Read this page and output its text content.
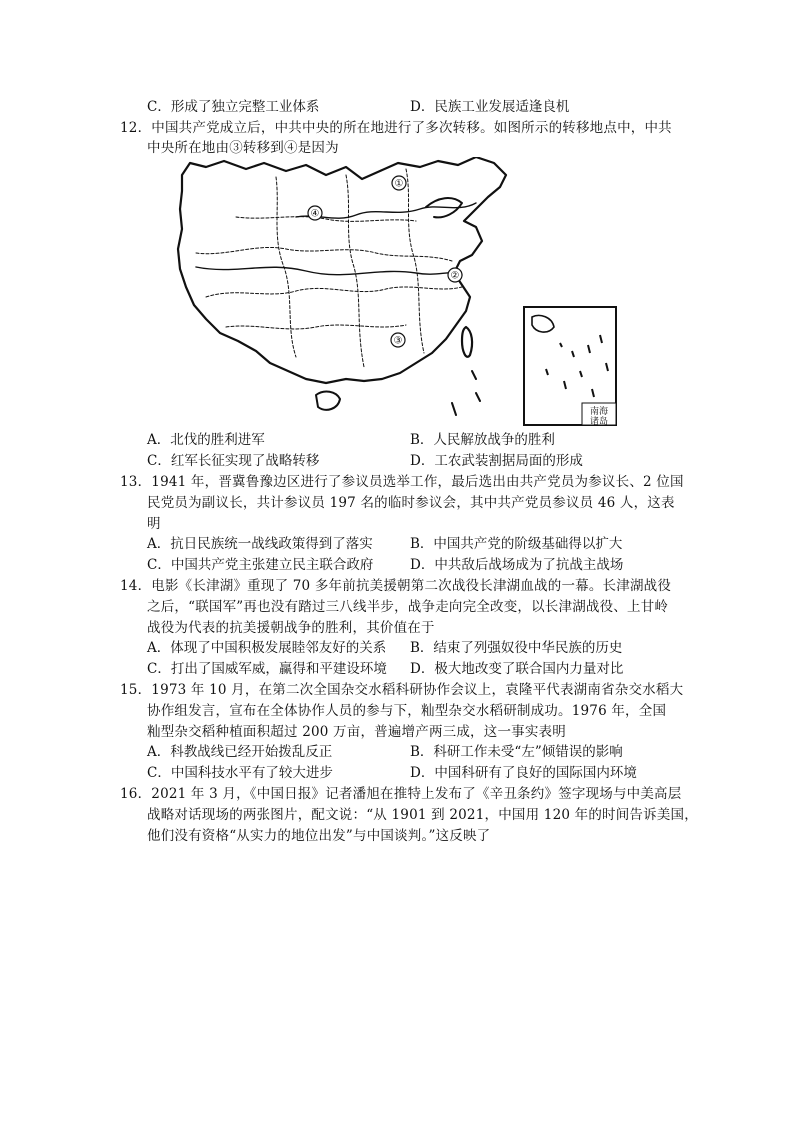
C．形成了独立完整工业体系	D．民族工业发展适逢良机
12．中国共产党成立后，中共中央的所在地进行了多次转移。如图所示的转移地点中，中共
中央所在地由③转移到④是因为
①
②
③
④
南海
诸岛
A．北伐的胜利进军	B．人民解放战争的胜利
C．红军长征实现了战略转移	D．工农武装割据局面的形成
13．1941 年，晋冀鲁豫边区进行了参议员选举工作，最后选出由共产党员为参议长、2 位国
民党员为副议长，共计参议员 197 名的临时参议会，其中共产党员参议员 46 人，这表
明
A．抗日民族统一战线政策得到了落实	B．中国共产党的阶级基础得以扩大
C．中国共产党主张建立民主联合政府	D．中共敌后战场成为了抗战主战场
14．电影《长津湖》重现了 70 多年前抗美援朝第二次战役长津湖血战的一幕。长津湖战役
之后，“联国军”再也没有踏过三八线半步，战争走向完全改变，以长津湖战役、上甘岭
战役为代表的抗美援朝战争的胜利，其价值在于
A．体现了中国积极发展睦邻友好的关系 B．结束了列强奴役中华民族的历史
C．打出了国威军威，赢得和平建设环境 D．极大地改变了联合国内力量对比
15．1973 年 10 月，在第二次全国杂交水稻科研协作会议上，袁隆平代表湖南省杂交水稻大
协作组发言，宣布在全体协作人员的参与下，籼型杂交水稻研制成功。1976 年，全国
籼型杂交稻种植面积超过 200 万亩，普遍增产两三成，这一事实表明
A．科教战线已经开始拨乱反正	B．科研工作未受“左”倾错误的影响
C．中国科技水平有了较大进步	D．中国科研有了良好的国际国内环境
16．2021 年 3 月，《中国日报》记者潘旭在推特上发布了《辛丑条约》签字现场与中美高层
战略对话现场的两张图片，配文说：“从 1901 到 2021，中国用 120 年的时间告诉美国，
他们没有资格“从实力的地位出发”与中国谈判。”这反映了
